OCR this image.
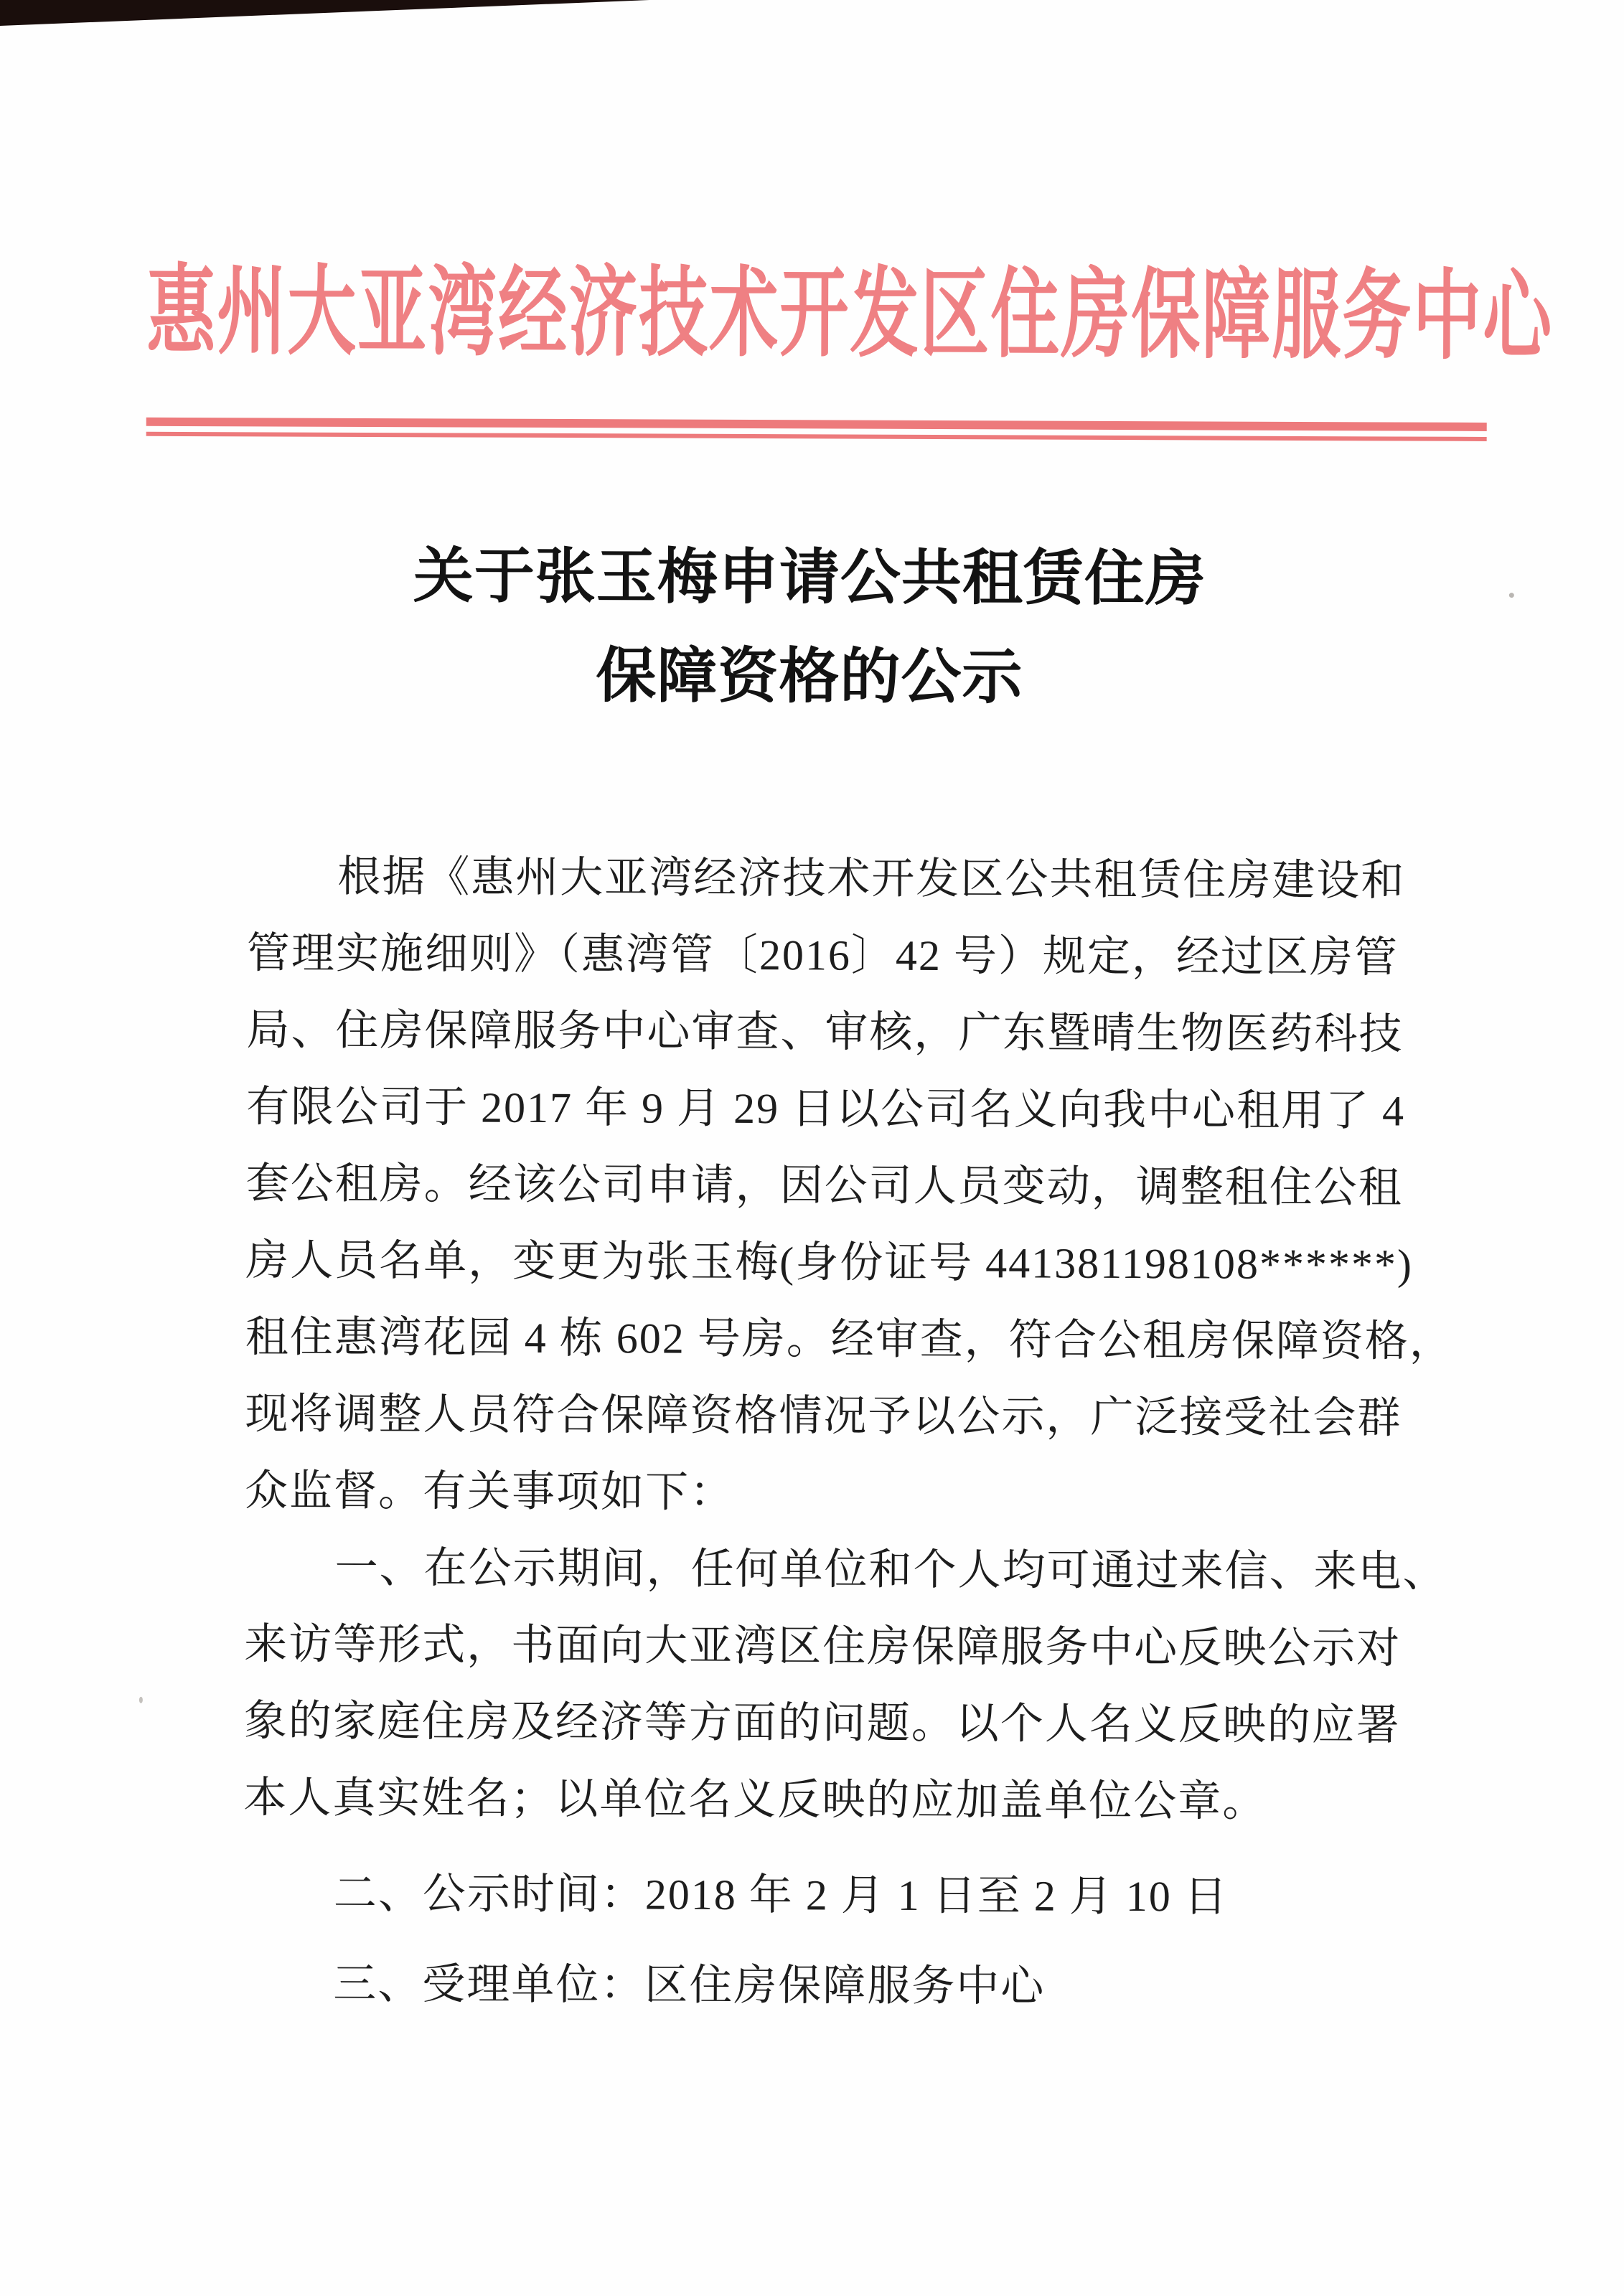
惠州大亚湾经济技术开发区住房保障服务中心
关于张玉梅申请公共租赁住房
保障资格的公示
根据《惠州大亚湾经济技术开发区公共租赁住房建设和
管理实施细则》（惠湾管〔2016〕42 号）规定，经过区房管
局、住房保障服务中心审查、审核，广东暨晴生物医药科技
有限公司于 2017 年 9 月 29 日以公司名义向我中心租用了 4
套公租房。经该公司申请，因公司人员变动，调整租住公租
房人员名单，变更为张玉梅(身份证号 441381198108******)
租住惠湾花园 4 栋 602 号房。经审查，符合公租房保障资格，
现将调整人员符合保障资格情况予以公示，广泛接受社会群
众监督。有关事项如下：
一、在公示期间，任何单位和个人均可通过来信、来电、
来访等形式，书面向大亚湾区住房保障服务中心反映公示对
象的家庭住房及经济等方面的问题。以个人名义反映的应署
本人真实姓名；以单位名义反映的应加盖单位公章。
二、公示时间：2018 年 2 月 1 日至 2 月 10 日
三、受理单位：区住房保障服务中心
